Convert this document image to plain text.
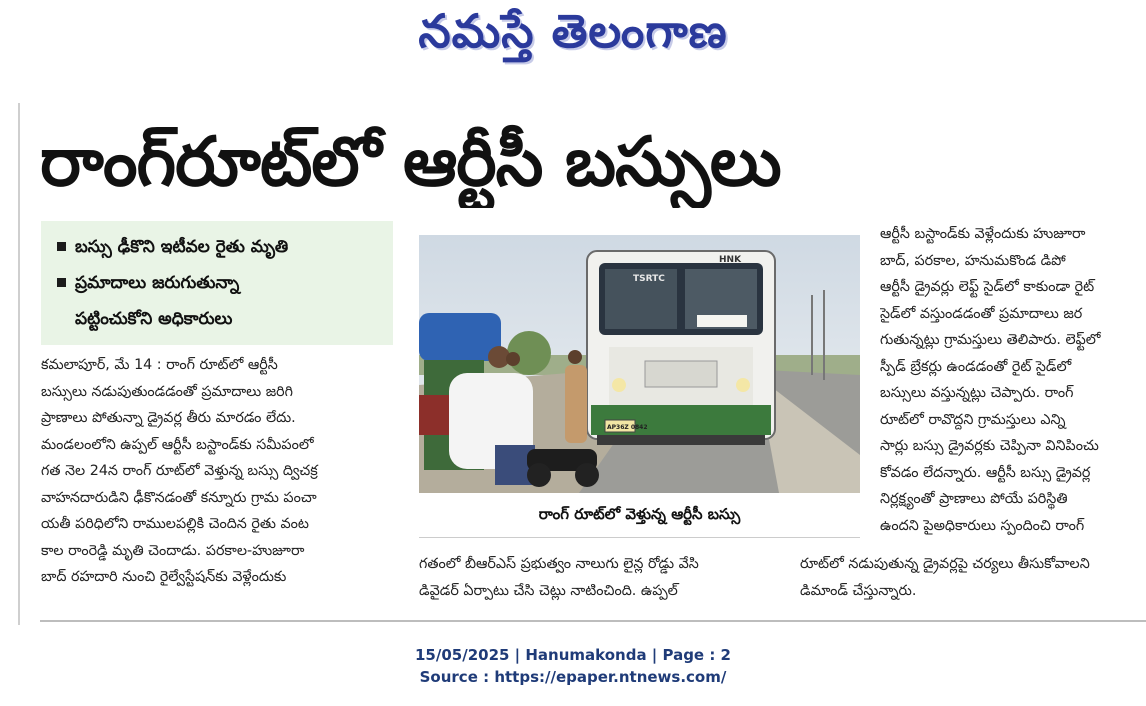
నమస్తే తెలంగాణ
రాంగ్‌రూట్‌లో ఆర్టీసీ బస్సులు
బస్సు ఢీకొని ఇటీవల రైతు మృతి
ప్రమాదాలు జరుగుతున్నా
పట్టించుకోని అధికారులు
కమలాపూర్, మే 14 : రాంగ్ రూట్‌లో ఆర్టీసీ
బస్సులు నడుపుతుండడంతో ప్రమాదాలు జరిగి
ప్రాణాలు పోతున్నా డ్రైవర్ల తీరు మారడం లేదు.
మండలంలోని ఉప్పల్ ఆర్టీసీ బస్టాండ్‌కు సమీపంలో
గత నెల 24న రాంగ్ రూట్‌లో వెళ్తున్న బస్సు ద్విచక్ర
వాహనదారుడిని ఢీకొనడంతో కన్నూరు గ్రామ పంచా
యతీ పరిధిలోని రాములపల్లికి చెందిన రైతు వంట
కాల రాంరెడ్డి మృతి చెందాడు. పరకాల-హుజూరా
బాద్ రహదారి నుంచి రైల్వేస్టేషన్‌కు వెళ్లేందుకు
HNK
TSRTC
AP36Z 0842
రాంగ్ రూట్‌లో వెళ్తున్న ఆర్టీసీ బస్సు
గతంలో బీఆర్‌ఎస్ ప్రభుత్వం నాలుగు లైన్ల రోడ్డు వేసి
డివైడర్ ఏర్పాటు చేసి చెట్లు నాటించింది. ఉప్పల్
ఆర్టీసీ బస్టాండ్‌కు వెళ్లేందుకు హుజూరా
బాద్, పరకాల, హనుమకొండ డిపో
ఆర్టీసీ డ్రైవర్లు లెఫ్ట్ సైడ్‌లో కాకుండా రైట్
సైడ్‌లో వస్తుండడంతో ప్రమాదాలు జర
గుతున్నట్లు గ్రామస్తులు తెలిపారు. లెఫ్ట్‌లో
స్పీడ్ బ్రేకర్లు ఉండడంతో రైట్ సైడ్‌లో
బస్సులు వస్తున్నట్లు చెప్పారు. రాంగ్
రూట్‌లో రావొద్దని గ్రామస్తులు ఎన్ని
సార్లు బస్సు డ్రైవర్లకు చెప్పినా వినిపించు
కోవడం లేదన్నారు. ఆర్టీసీ బస్సు డ్రైవర్ల
నిర్లక్ష్యంతో ప్రాణాలు పోయే పరిస్థితి
ఉందని పైఅధికారులు స్పందించి రాంగ్
రూట్‌లో నడుపుతున్న డ్రైవర్లపై చర్యలు తీసుకోవాలని
డిమాండ్ చేస్తున్నారు.
15/05/2025 | Hanumakonda | Page : 2
Source : https://epaper.ntnews.com/
